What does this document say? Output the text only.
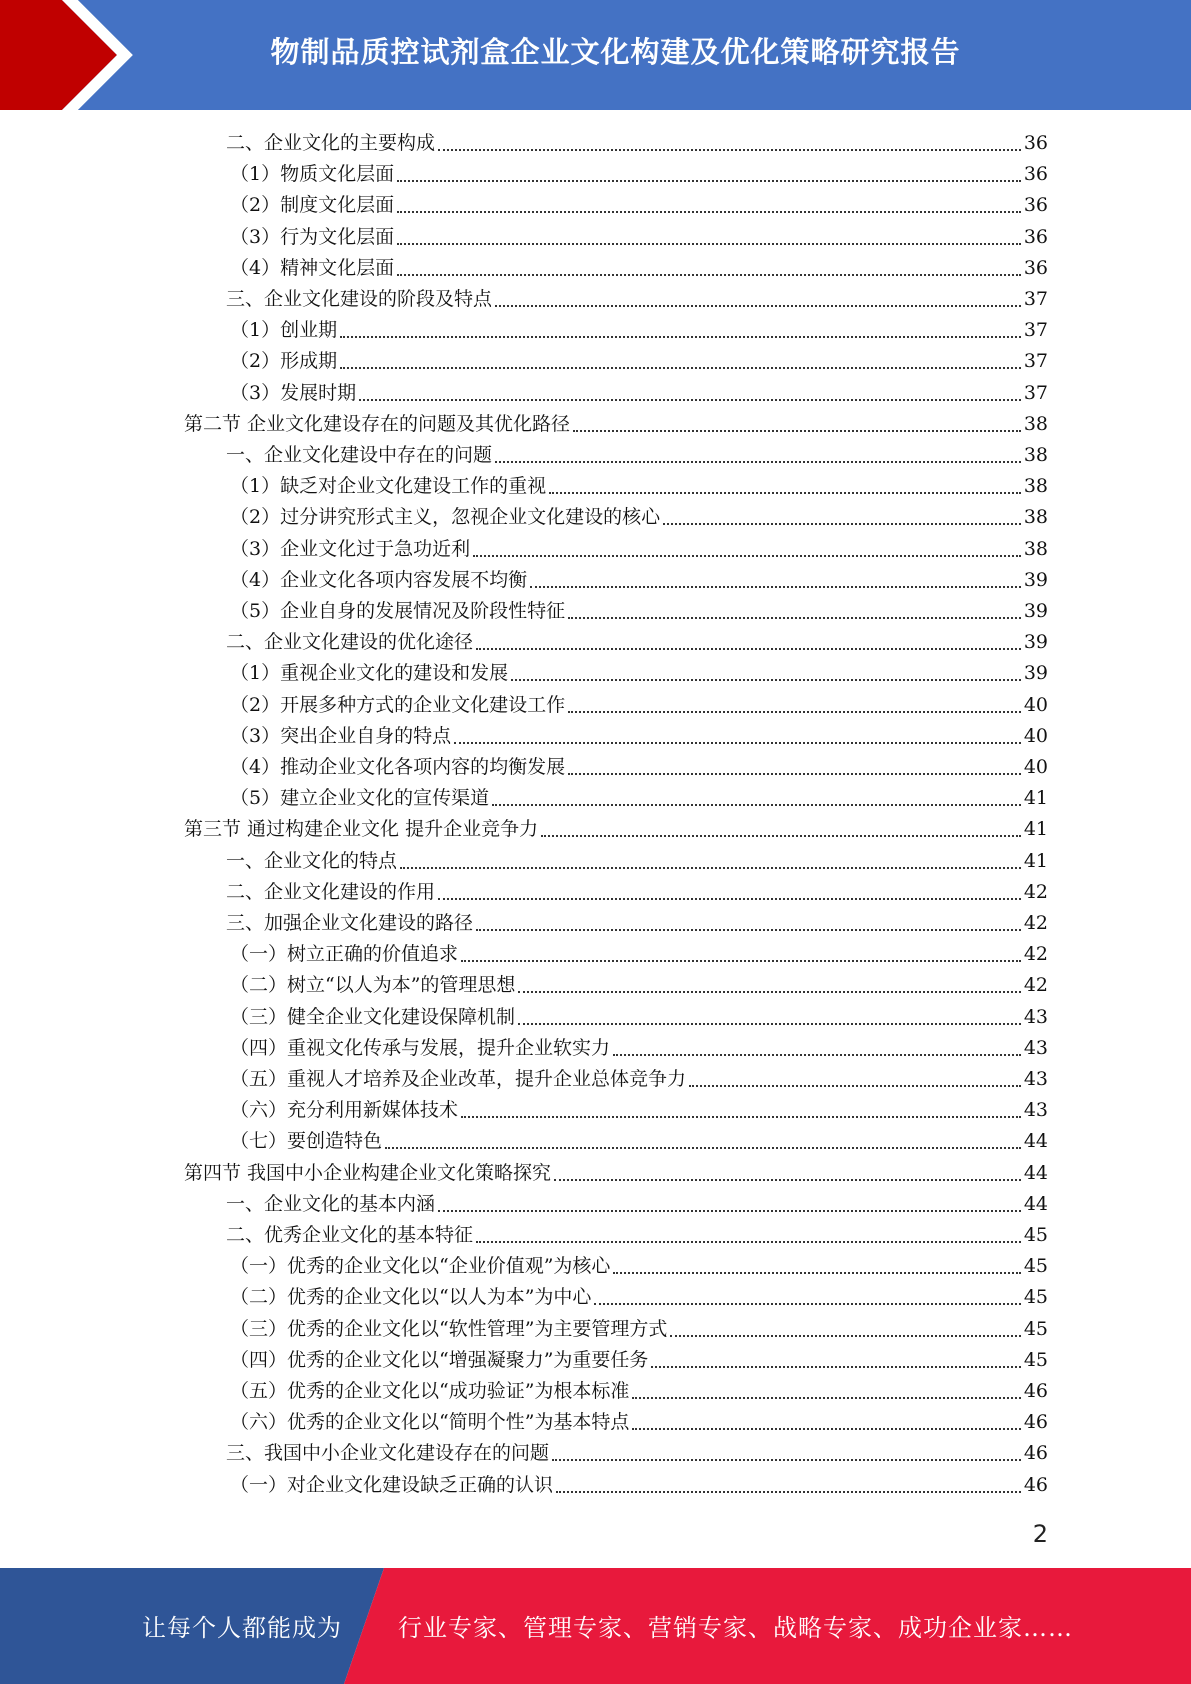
物制品质控试剂盒企业文化构建及优化策略研究报告
二、企业文化的主要构成	36
（1）物质文化层面	36
（2）制度文化层面	36
（3）行为文化层面	36
（4）精神文化层面	36
三、企业文化建设的阶段及特点	37
（1）创业期	37
（2）形成期	37
（3）发展时期	37
第二节 企业文化建设存在的问题及其优化路径	38
一、企业文化建设中存在的问题	38
（1）缺乏对企业文化建设工作的重视	38
（2）过分讲究形式主义，忽视企业文化建设的核心	38
（3）企业文化过于急功近利	38
（4）企业文化各项内容发展不均衡	39
（5）企业自身的发展情况及阶段性特征	39
二、企业文化建设的优化途径	39
（1）重视企业文化的建设和发展	39
（2）开展多种方式的企业文化建设工作	40
（3）突出企业自身的特点	40
（4）推动企业文化各项内容的均衡发展	40
（5）建立企业文化的宣传渠道	41
第三节 通过构建企业文化 提升企业竞争力	41
一、企业文化的特点	41
二、企业文化建设的作用	42
三、加强企业文化建设的路径	42
（一）树立正确的价值追求	42
（二）树立“以人为本”的管理思想	42
（三）健全企业文化建设保障机制	43
（四）重视文化传承与发展，提升企业软实力	43
（五）重视人才培养及企业改革，提升企业总体竞争力	43
（六）充分利用新媒体技术	43
（七）要创造特色	44
第四节 我国中小企业构建企业文化策略探究	44
一、企业文化的基本内涵	44
二、优秀企业文化的基本特征	45
（一）优秀的企业文化以“企业价值观”为核心	45
（二）优秀的企业文化以“以人为本”为中心	45
（三）优秀的企业文化以“软性管理”为主要管理方式	45
（四）优秀的企业文化以“增强凝聚力”为重要任务	45
（五）优秀的企业文化以“成功验证”为根本标准	46
（六）优秀的企业文化以“简明个性”为基本特点	46
三、我国中小企业文化建设存在的问题	46
（一）对企业文化建设缺乏正确的认识	46
2
让每个人都能成为 行业专家、管理专家、营销专家、战略专家、成功企业家……
